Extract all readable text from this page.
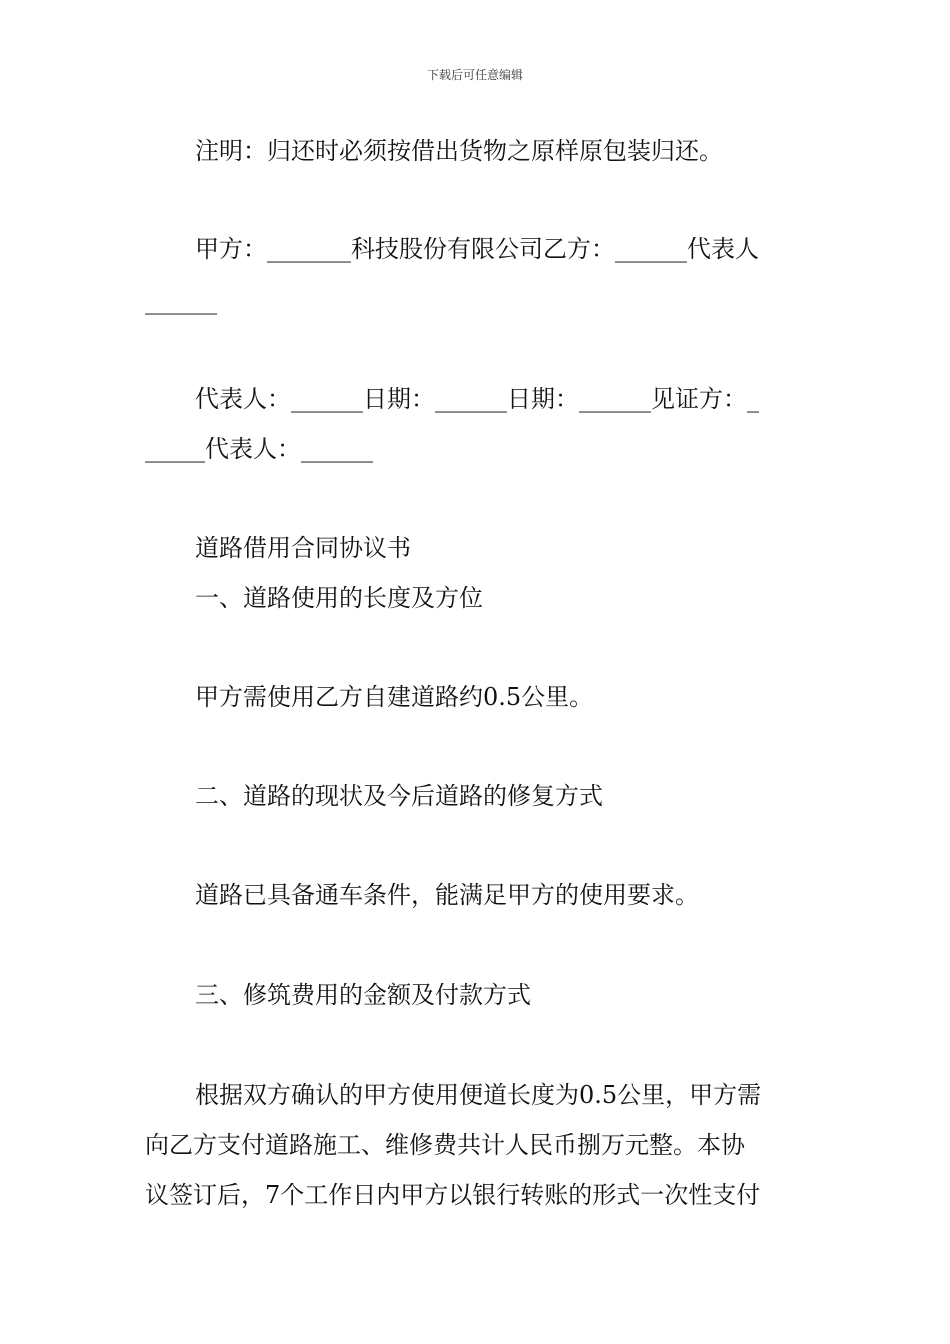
下载后可任意编辑
注明：归还时必须按借出货物之原样原包装归还。
甲方：_______科技股份有限公司乙方：______代表人
______
代表人：______日期：______日期：______见证方：_
_____代表人：______
道路借用合同协议书
一、道路使用的长度及方位
甲方需使用乙方自建道路约0.5公里。
二、道路的现状及今后道路的修复方式
道路已具备通车条件，能满足甲方的使用要求。
三、修筑费用的金额及付款方式
根据双方确认的甲方使用便道长度为0.5公里，甲方需
向乙方支付道路施工、维修费共计人民币捌万元整。本协
议签订后，7个工作日内甲方以银行转账的形式一次性支付
